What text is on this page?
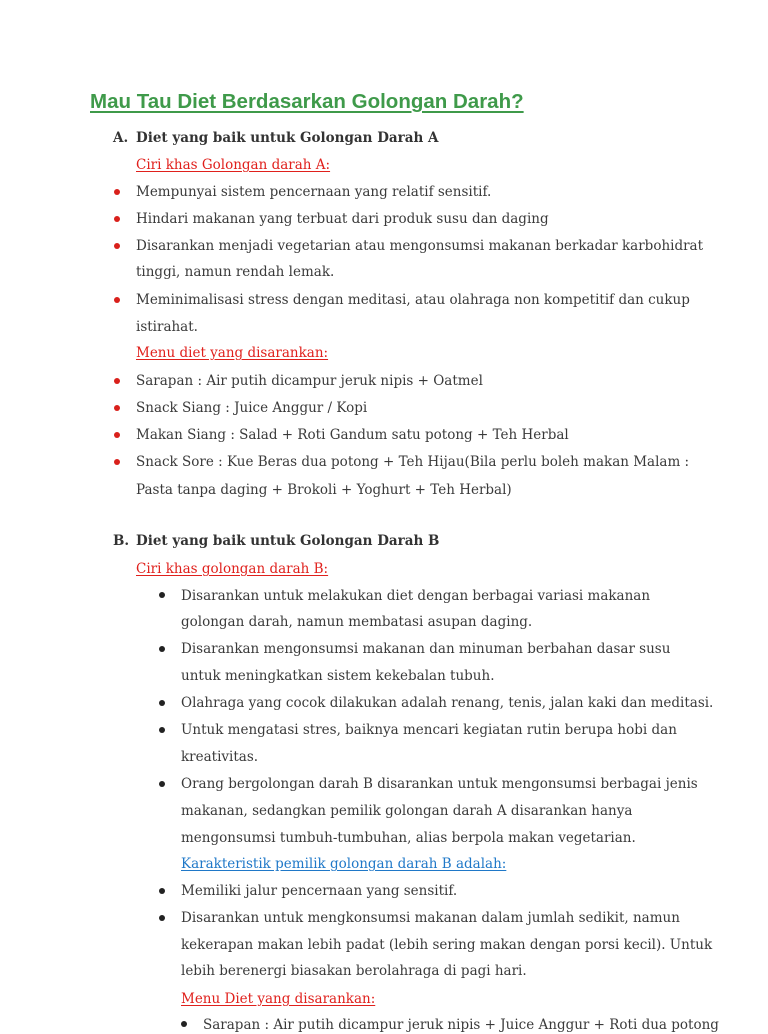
Mau Tau Diet Berdasarkan Golongan Darah?
A. Diet yang baik untuk Golongan Darah A
Ciri khas Golongan darah A:
Mempunyai sistem pencernaan yang relatif sensitif.
Hindari makanan yang terbuat dari produk susu dan daging
Disarankan menjadi vegetarian atau mengonsumsi makanan berkadar karbohidrat
tinggi, namun rendah lemak.
Meminimalisasi stress dengan meditasi, atau olahraga non kompetitif dan cukup
istirahat.
Menu diet yang disarankan:
Sarapan : Air putih dicampur jeruk nipis + Oatmel
Snack Siang : Juice Anggur / Kopi
Makan Siang : Salad + Roti Gandum satu potong + Teh Herbal
Snack Sore : Kue Beras dua potong + Teh Hijau(Bila perlu boleh makan Malam :
Pasta tanpa daging + Brokoli + Yoghurt + Teh Herbal)
B. Diet yang baik untuk Golongan Darah B
Ciri khas golongan darah B:
Disarankan untuk melakukan diet dengan berbagai variasi makanan
golongan darah, namun membatasi asupan daging.
Disarankan mengonsumsi makanan dan minuman berbahan dasar susu
untuk meningkatkan sistem kekebalan tubuh.
Olahraga yang cocok dilakukan adalah renang, tenis, jalan kaki dan meditasi.
Untuk mengatasi stres, baiknya mencari kegiatan rutin berupa hobi dan
kreativitas.
Orang bergolongan darah B disarankan untuk mengonsumsi berbagai jenis
makanan, sedangkan pemilik golongan darah A disarankan hanya
mengonsumsi tumbuh-tumbuhan, alias berpola makan vegetarian.
Karakteristik pemilik golongan darah B adalah:
Memiliki jalur pencernaan yang sensitif.
Disarankan untuk mengkonsumsi makanan dalam jumlah sedikit, namun
kekerapan makan lebih padat (lebih sering makan dengan porsi kecil). Untuk
lebih berenergi biasakan berolahraga di pagi hari.
Menu Diet yang disarankan:
Sarapan : Air putih dicampur jeruk nipis + Juice Anggur + Roti dua potong
